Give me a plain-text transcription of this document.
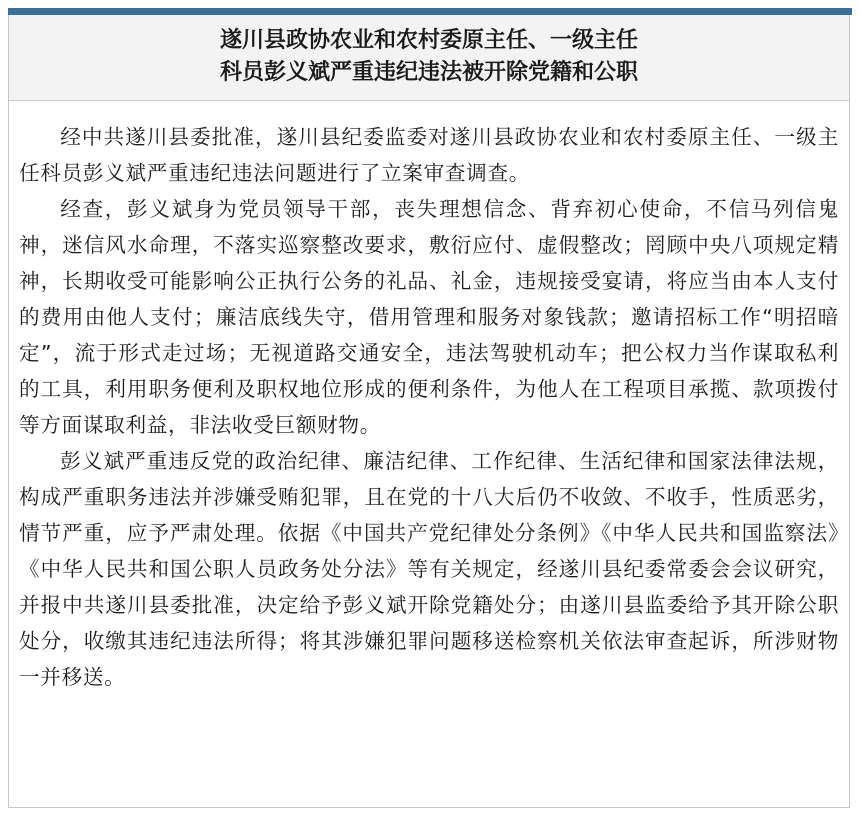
遂川县政协农业和农村委原主任、一级主任
科员彭义斌严重违纪违法被开除党籍和公职

经中共遂川县委批准，遂川县纪委监委对遂川县政协农业和农村委原主任、一级主任科员彭义斌严重违纪违法问题进行了立案审查调查。

经查，彭义斌身为党员领导干部，丧失理想信念、背弃初心使命，不信马列信鬼神，迷信风水命理，不落实巡察整改要求，敷衍应付、虚假整改；罔顾中央八项规定精神，长期收受可能影响公正执行公务的礼品、礼金，违规接受宴请，将应当由本人支付的费用由他人支付；廉洁底线失守，借用管理和服务对象钱款；邀请招标工作“明招暗定”，流于形式走过场；无视道路交通安全，违法驾驶机动车；把公权力当作谋取私利的工具，利用职务便利及职权地位形成的便利条件，为他人在工程项目承揽、款项拨付等方面谋取利益，非法收受巨额财物。

彭义斌严重违反党的政治纪律、廉洁纪律、工作纪律、生活纪律和国家法律法规，构成严重职务违法并涉嫌受贿犯罪，且在党的十八大后仍不收敛、不收手，性质恶劣，情节严重，应予严肃处理。依据《中国共产党纪律处分条例》《中华人民共和国监察法》《中华人民共和国公职人员政务处分法》等有关规定，经遂川县纪委常委会会议研究，并报中共遂川县委批准，决定给予彭义斌开除党籍处分；由遂川县监委给予其开除公职处分，收缴其违纪违法所得；将其涉嫌犯罪问题移送检察机关依法审查起诉，所涉财物一并移送。
